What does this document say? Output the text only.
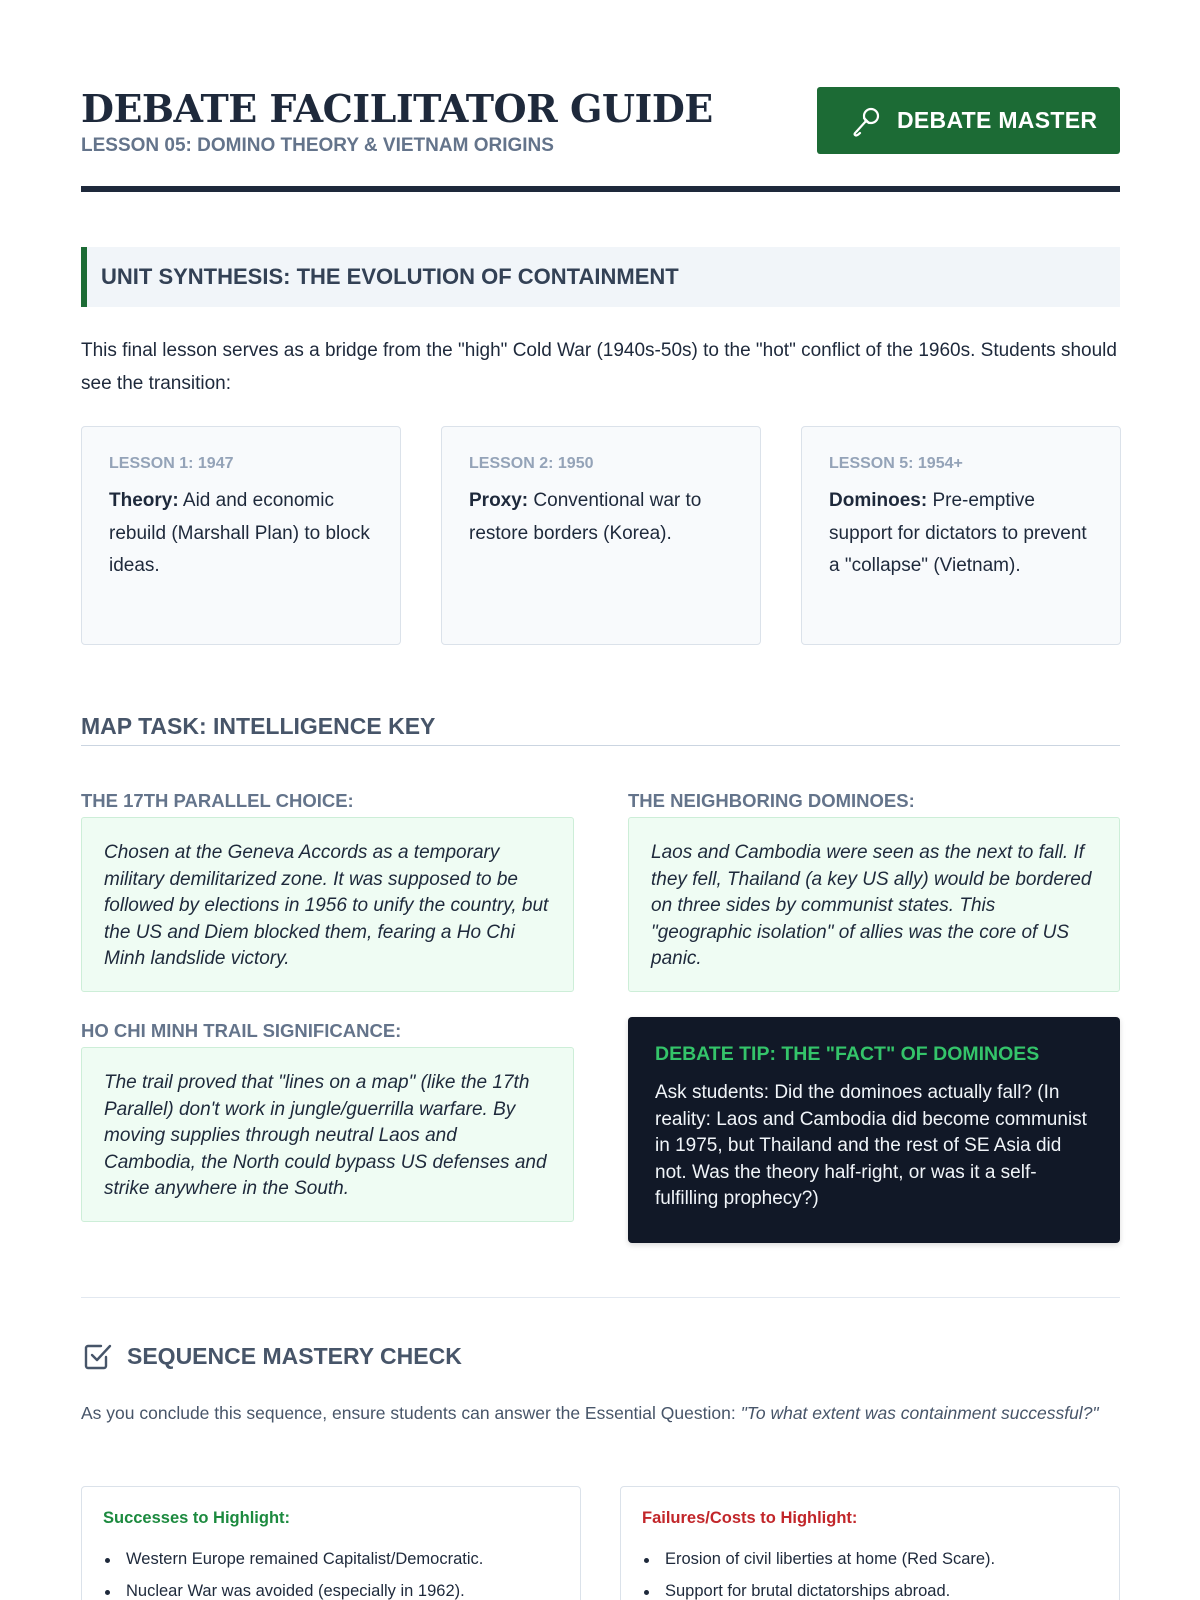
DEBATE FACILITATOR GUIDE
LESSON 05: DOMINO THEORY & VIETNAM ORIGINS
DEBATE MASTER
UNIT SYNTHESIS: THE EVOLUTION OF CONTAINMENT

This final lesson serves as a bridge from the "high" Cold War (1940s-50s) to the "hot" conflict of the 1960s. Students should see the transition:

LESSON 1: 1947
Theory: Aid and economic rebuild (Marshall Plan) to block ideas.
LESSON 2: 1950
Proxy: Conventional war to restore borders (Korea).
LESSON 5: 1954+
Dominoes: Pre-emptive support for dictators to prevent a "collapse" (Vietnam).
MAP TASK: INTELLIGENCE KEY
THE 17TH PARALLEL CHOICE:
Chosen at the Geneva Accords as a temporary military demilitarized zone. It was supposed to be followed by elections in 1956 to unify the country, but the US and Diem blocked them, fearing a Ho Chi Minh landslide victory.
THE NEIGHBORING DOMINOES:
Laos and Cambodia were seen as the next to fall. If they fell, Thailand (a key US ally) would be bordered on three sides by communist states. This "geographic isolation" of allies was the core of US panic.
HO CHI MINH TRAIL SIGNIFICANCE:
The trail proved that "lines on a map" (like the 17th Parallel) don't work in jungle/guerrilla warfare. By moving supplies through neutral Laos and Cambodia, the North could bypass US defenses and strike anywhere in the South.
DEBATE TIP: THE "FACT" OF DOMINOES
Ask students: Did the dominoes actually fall? (In reality: Laos and Cambodia did become communist in 1975, but Thailand and the rest of SE Asia did not. Was the theory half-right, or was it a self-fulfilling prophecy?)
SEQUENCE MASTERY CHECK

As you conclude this sequence, ensure students can answer the Essential Question: "To what extent was containment successful?"

Successes to Highlight:
Western Europe remained Capitalist/Democratic.
Nuclear War was avoided (especially in 1962).
Failures/Costs to Highlight:
Erosion of civil liberties at home (Red Scare).
Support for brutal dictatorships abroad.
